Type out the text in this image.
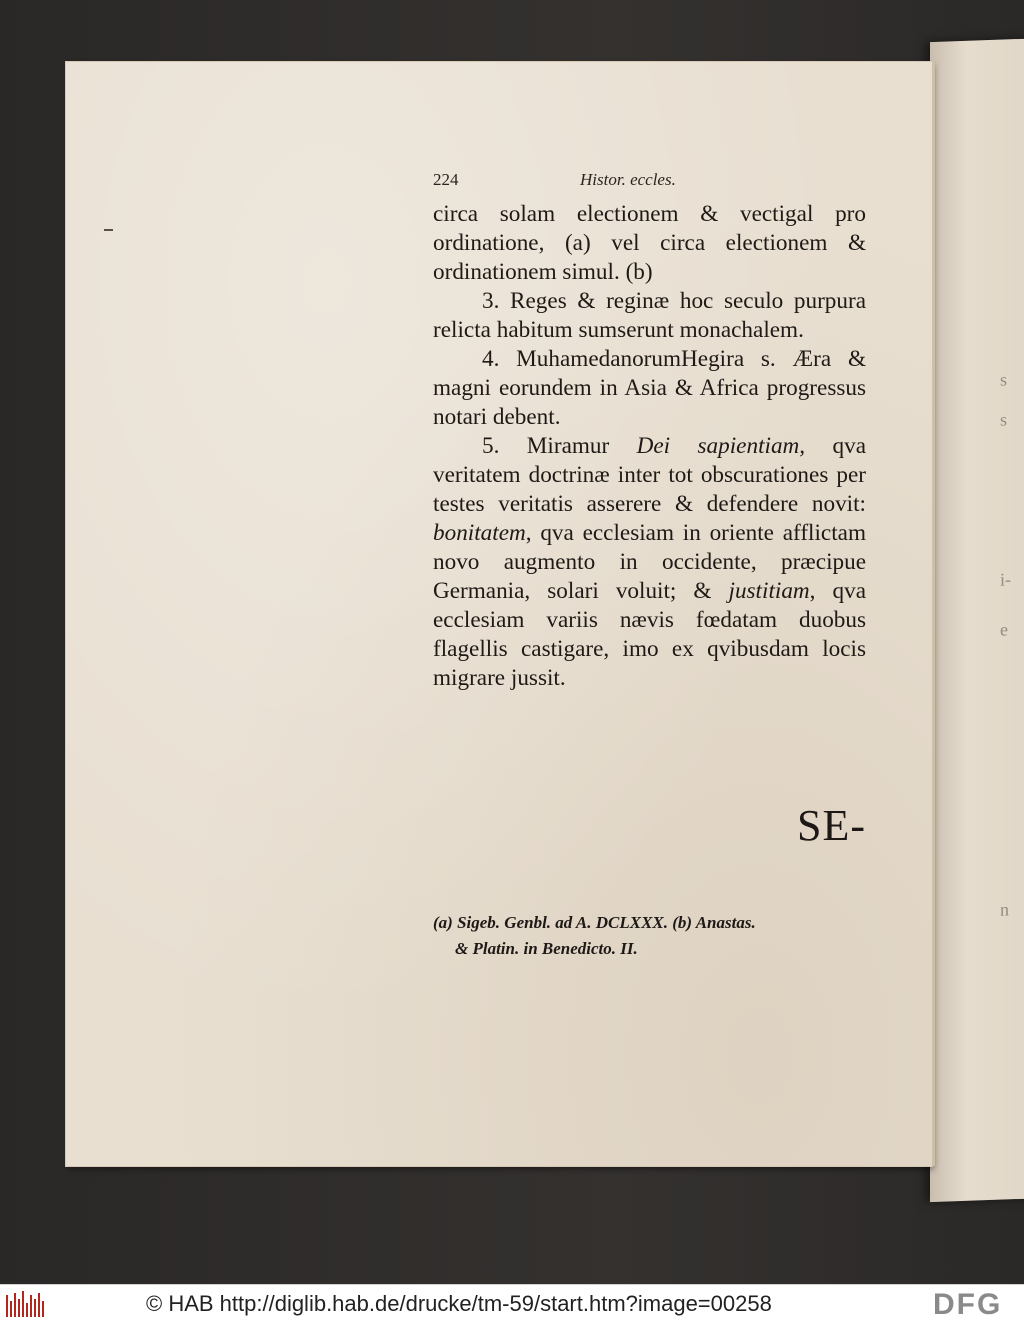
s
s
i-
e
n
224	Histor. eccles.

circa solam electionem & vectigal pro ordinatione, (a) vel circa electionem & ordinationem simul. (b)

3. Reges & reginæ hoc seculo purpura relicta habitum sumserunt monachalem.

4. MuhamedanorumHegira s. Æra & magni eorundem in Asia & Africa progressus notari debent.

5. Miramur Dei sapientiam, qva veritatem doctrinæ inter tot obscurationes per testes veritatis asserere & defendere novit: bonitatem, qva ecclesiam in oriente afflictam novo augmento in occidente, præcipue Germania, solari voluit; & justitiam, qva ecclesiam variis nævis fœdatam duobus flagellis castigare, imo ex qvibusdam locis migrare jussit.

SE-
(a) Sigeb. Genbl. ad A. DCLXXX. (b) Anastas.
& Platin. in Benedicto. II.
© HAB http://diglib.hab.de/drucke/tm-59/start.htm?image=00258	DFG
